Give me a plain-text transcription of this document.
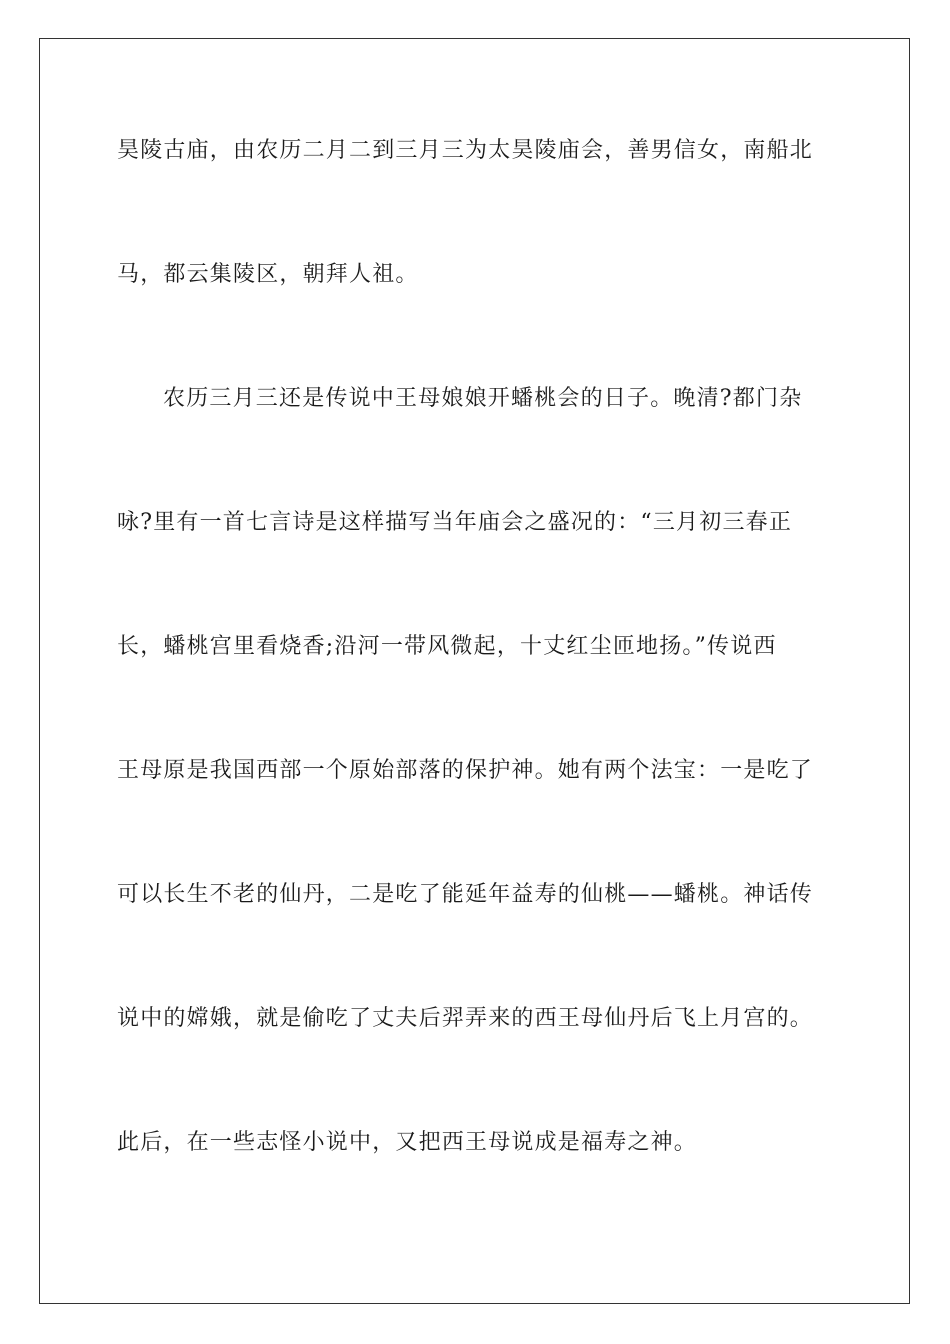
昊陵古庙，由农历二月二到三月三为太昊陵庙会，善男信女，南船北
马，都云集陵区，朝拜人祖。
农历三月三还是传说中王母娘娘开蟠桃会的日子。晚清?都门杂
咏?里有一首七言诗是这样描写当年庙会之盛况的：“三月初三春正
长，蟠桃宫里看烧香;沿河一带风微起，十丈红尘匝地扬。”传说西
王母原是我国西部一个原始部落的保护神。她有两个法宝：一是吃了
可以长生不老的仙丹，二是吃了能延年益寿的仙桃——蟠桃。神话传
说中的嫦娥，就是偷吃了丈夫后羿弄来的西王母仙丹后飞上月宫的。
此后，在一些志怪小说中，又把西王母说成是福寿之神。
